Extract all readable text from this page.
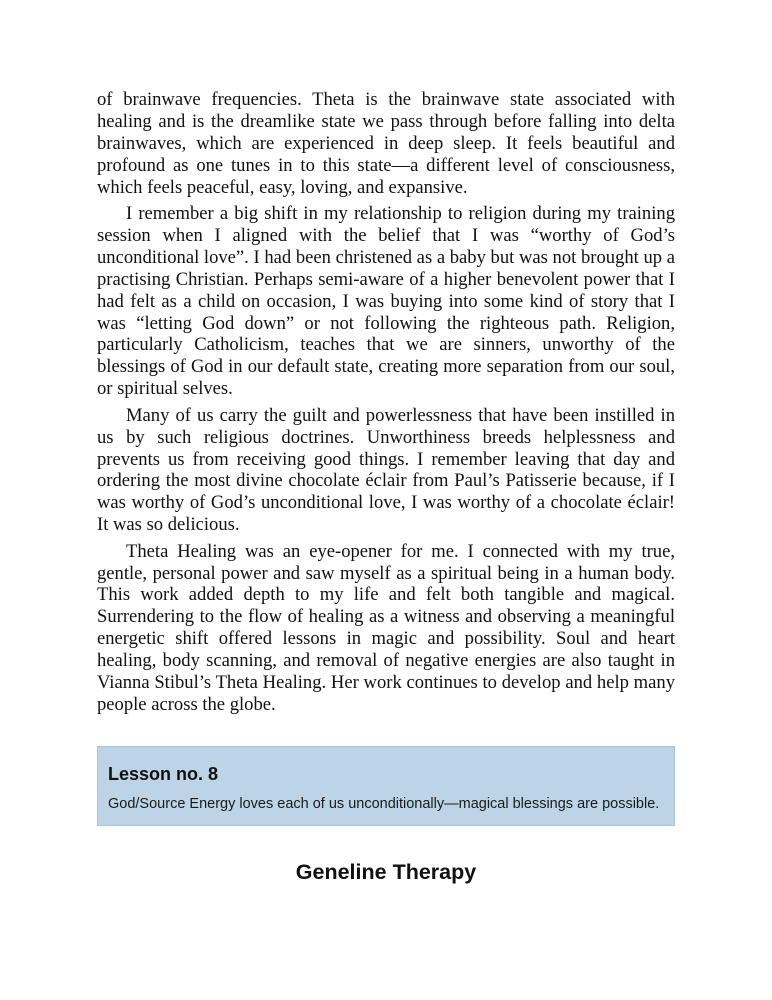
of brainwave frequencies. Theta is the brainwave state associated with healing and is the dreamlike state we pass through before falling into delta brainwaves, which are experienced in deep sleep. It feels beautiful and profound as one tunes in to this state—a different level of consciousness, which feels peaceful, easy, loving, and expansive.

I remember a big shift in my relationship to religion during my training session when I aligned with the belief that I was “worthy of God’s unconditional love”. I had been christened as a baby but was not brought up a practising Christian. Perhaps semi-aware of a higher benevolent power that I had felt as a child on occasion, I was buying into some kind of story that I was “letting God down” or not following the righteous path. Religion, particularly Catholicism, teaches that we are sinners, unworthy of the blessings of God in our default state, creating more separation from our soul, or spiritual selves.

Many of us carry the guilt and powerlessness that have been instilled in us by such religious doctrines. Unworthiness breeds helplessness and prevents us from receiving good things. I remember leaving that day and ordering the most divine chocolate éclair from Paul’s Patisserie because, if I was worthy of God’s unconditional love, I was worthy of a chocolate éclair! It was so delicious.

Theta Healing was an eye-opener for me. I connected with my true, gentle, personal power and saw myself as a spiritual being in a human body. This work added depth to my life and felt both tangible and magical. Surrendering to the flow of healing as a witness and observing a meaningful energetic shift offered lessons in magic and possibility. Soul and heart healing, body scanning, and removal of negative energies are also taught in Vianna Stibul’s Theta Healing. Her work continues to develop and help many people across the globe.

Lesson no. 8

God/Source Energy loves each of us unconditionally—magical blessings are possible.

Geneline Therapy
